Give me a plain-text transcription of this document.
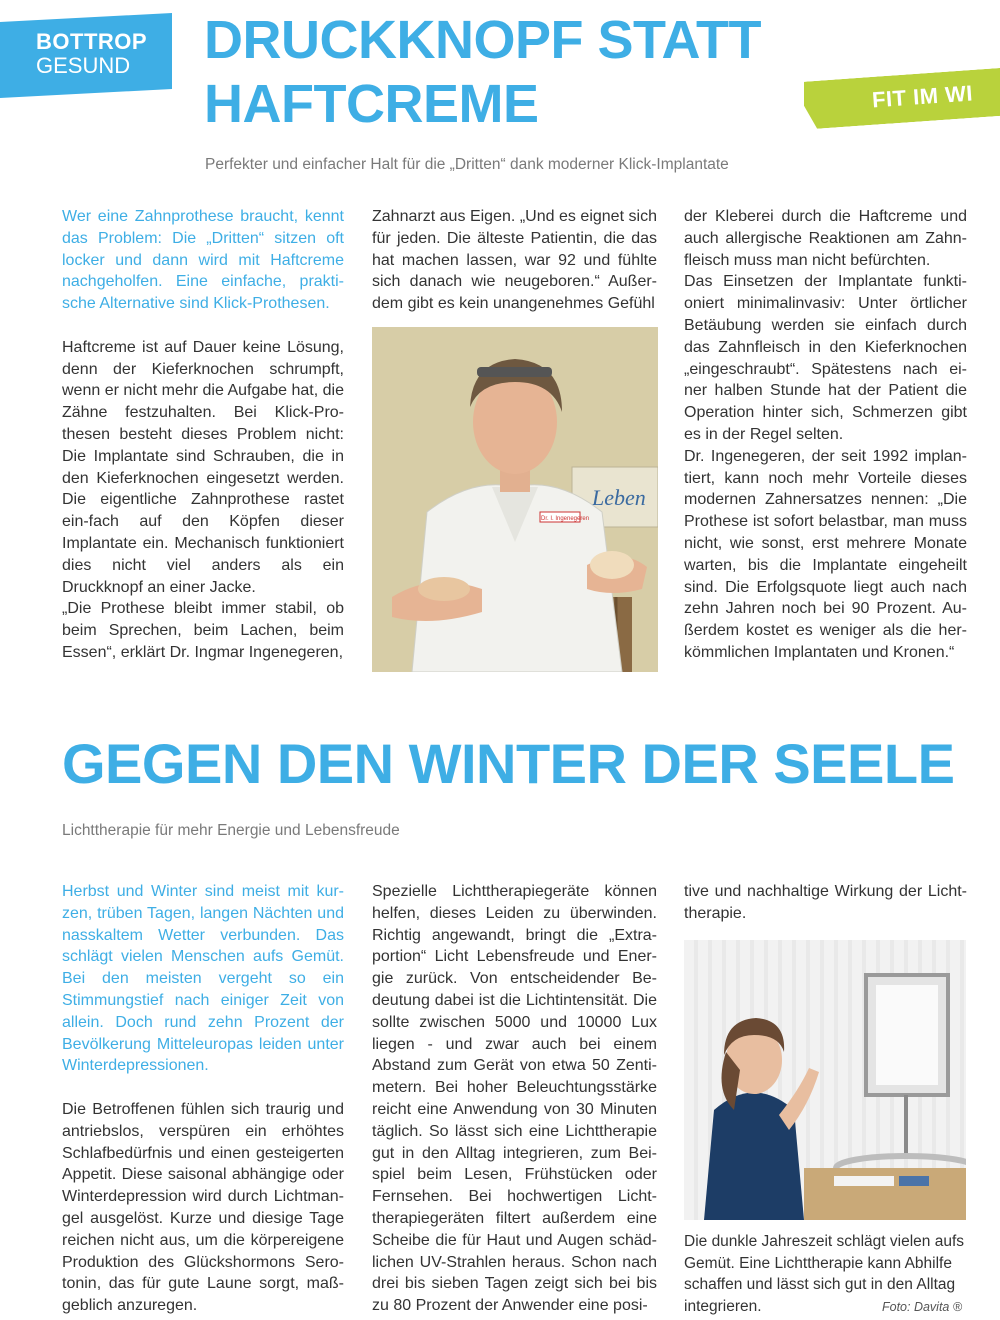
BOTTROP
GESUND
FIT IM WI
DRUCKKNOPF STATT
HAFTCREME
Perfekter und einfacher Halt für die „Dritten“ dank moderner Klick-Implantate

Wer eine Zahnprothese braucht, kennt das Problem: Die „Dritten“ sitzen oft locker und dann wird mit Haftcreme nachgeholfen. Eine einfache, prakti-sche Alternative sind Klick-Prothesen.

Haftcreme ist auf Dauer keine Lösung, denn der Kieferknochen schrumpft, wenn er nicht mehr die Aufgabe hat, die Zähne festzuhalten. Bei Klick-Pro-thesen besteht dieses Problem nicht: Die Implantate sind Schrauben, die in den Kieferknochen eingesetzt werden. Die eigentliche Zahnprothese rastet ein-fach auf den Köpfen dieser Implantate ein. Mechanisch funktioniert dies nicht viel anders als ein Druckknopf an einer Jacke.

„Die Prothese bleibt immer stabil, ob beim Sprechen, beim Lachen, beim Essen“, erklärt Dr. Ingmar Ingenegeren,

Zahnarzt aus Eigen. „Und es eignet sich für jeden. Die älteste Patientin, die das hat machen lassen, war 92 und fühlte sich danach wie neugeboren.“ Außer-dem gibt es kein unangenehmes Gefühl

Leben
Dr. I. Ingenegeren

der Kleberei durch die Haftcreme und auch allergische Reaktionen am Zahn-fleisch muss man nicht befürchten.

Das Einsetzen der Implantate funkti-oniert minimalinvasiv: Unter örtlicher Betäubung werden sie einfach durch das Zahnfleisch in den Kieferknochen „eingeschraubt“. Spätestens nach ei-ner halben Stunde hat der Patient die Operation hinter sich, Schmerzen gibt es in der Regel selten.

Dr. Ingenegeren, der seit 1992 implan-tiert, kann noch mehr Vorteile dieses modernen Zahnersatzes nennen: „Die Prothese ist sofort belastbar, man muss nicht, wie sonst, erst mehrere Monate warten, bis die Implantate eingeheilt sind. Die Erfolgsquote liegt auch nach zehn Jahren noch bei 90 Prozent. Au-ßerdem kostet es weniger als die her-kömmlichen Implantaten und Kronen.“

GEGEN DEN WINTER DER SEELE
Lichttherapie für mehr Energie und Lebensfreude

Herbst und Winter sind meist mit kur-zen, trüben Tagen, langen Nächten und nasskaltem Wetter verbunden. Das schlägt vielen Menschen aufs Gemüt. Bei den meisten vergeht so ein Stimmungstief nach einiger Zeit von allein. Doch rund zehn Prozent der Bevölkerung Mitteleuropas leiden unter Winterdepressionen.

Die Betroffenen fühlen sich traurig und antriebslos, verspüren ein erhöhtes Schlafbedürfnis und einen gesteigerten Appetit. Diese saisonal abhängige oder Winterdepression wird durch Lichtman-gel ausgelöst. Kurze und diesige Tage reichen nicht aus, um die körpereigene Produktion des Glückshormons Sero-tonin, das für gute Laune sorgt, maß-geblich anzuregen.

Spezielle Lichttherapiegeräte können helfen, dieses Leiden zu überwinden. Richtig angewandt, bringt die „Extra-portion“ Licht Lebensfreude und Ener-gie zurück. Von entscheidender Be-deutung dabei ist die Lichtintensität. Die sollte zwischen 5000 und 10000 Lux liegen - und zwar auch bei einem Abstand zum Gerät von etwa 50 Zenti-metern. Bei hoher Beleuchtungsstärke reicht eine Anwendung von 30 Minuten täglich. So lässt sich eine Lichttherapie gut in den Alltag integrieren, zum Bei-spiel beim Lesen, Frühstücken oder Fernsehen. Bei hochwertigen Licht-therapiegeräten filtert außerdem eine Scheibe die für Haut und Augen schäd-lichen UV-Strahlen heraus. Schon nach drei bis sieben Tagen zeigt sich bei bis zu 80 Prozent der Anwender eine posi-

tive und nachhaltige Wirkung der Licht-therapie.

Die dunkle Jahreszeit schlägt vielen aufs Gemüt. Eine Lichttherapie kann Abhilfe schaffen und lässt sich gut in den Alltag integrieren.	Foto: Davita ®
